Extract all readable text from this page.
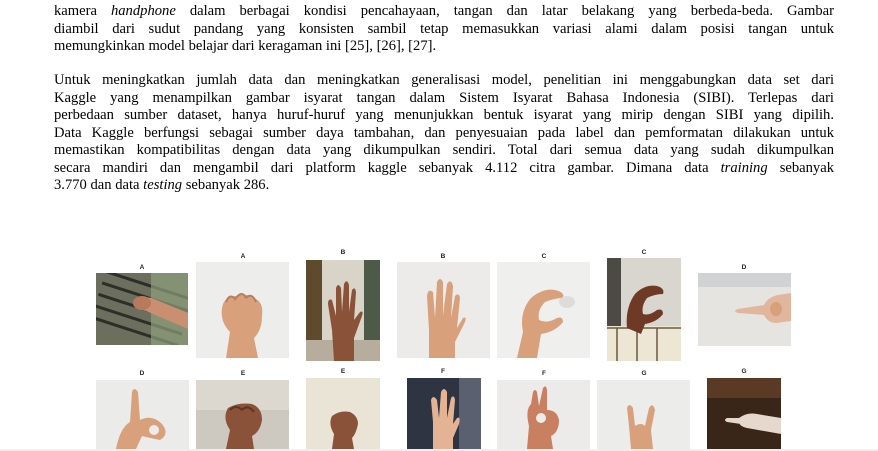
kamera handphone dalam berbagai kondisi pencahayaan, tangan dan latar belakang yang berbeda-beda. Gambar
diambil dari sudut pandang yang konsisten sambil tetap memasukkan variasi alami dalam posisi tangan untuk
memungkinkan model belajar dari keragaman ini [25], [26], [27].

Untuk meningkatkan jumlah data dan meningkatkan generalisasi model, penelitian ini menggabungkan data set dari
Kaggle yang menampilkan gambar isyarat tangan dalam Sistem Isyarat Bahasa Indonesia (SIBI). Terlepas dari
perbedaan sumber dataset, hanya huruf-huruf yang menunjukkan bentuk isyarat yang mirip dengan SIBI yang dipilih.
Data Kaggle berfungsi sebagai sumber daya tambahan, dan penyesuaian pada label dan pemformatan dilakukan untuk
memastikan kompatibilitas dengan data yang dikumpulkan sendiri. Total dari semua data yang sudah dikumpulkan
secara mandiri dan mengambil dari platform kaggle sebanyak 4.112 citra gambar. Dimana data training sebanyak
3.770 dan data testing sebanyak 286.

A
A
B
B	C
C
D
D	E	E	F	F	G	G
